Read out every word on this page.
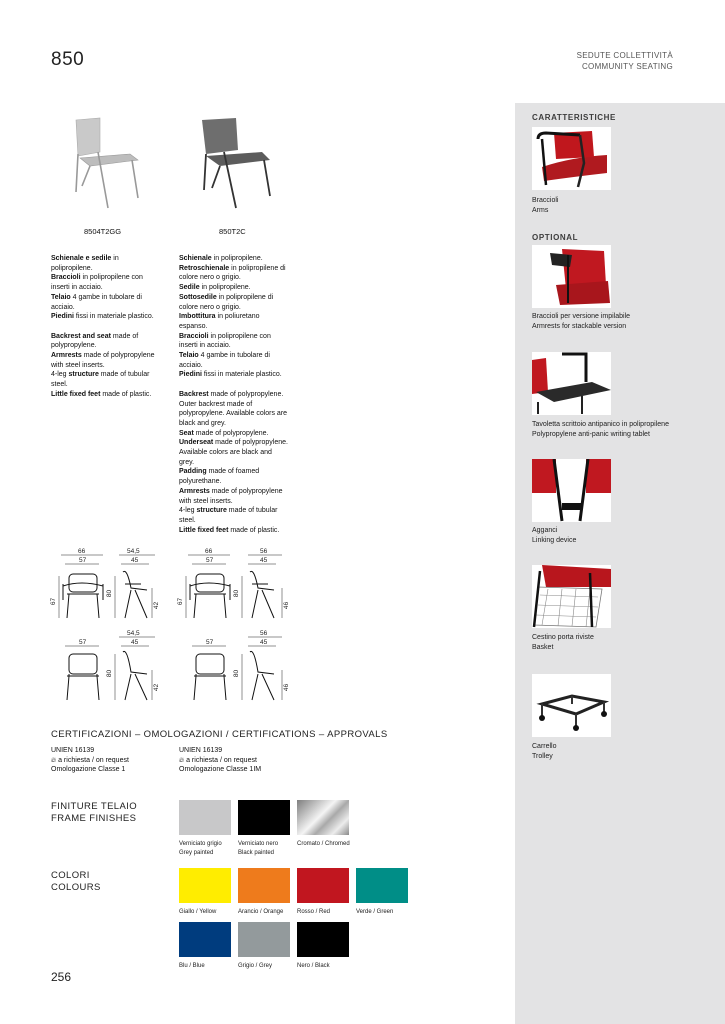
850	SEDUTE COLLETTIVITÀ
COMMUNITY SEATING
CARATTERISTICHE
Braccioli
Arms
OPTIONAL
Braccioli per versione impilabile
Armrests for stackable version
Tavoletta scrittoio antipanico in polipropilene
Polypropylene anti-panic writing tablet
Agganci
Linking device
Cestino porta riviste
Basket
Carrello
Trolley
8504T2GG	850T2C
Schienale e sedile in
polipropilene.
Braccioli in polipropilene con
inserti in acciaio.
Telaio 4 gambe in tubolare di
acciaio.
Piedini fissi in materiale plastico.

Backrest and seat made of
polypropylene.
Armrests made of polypropylene
with steel inserts.
4-leg structure made of tubular
steel.
Little fixed feet made of plastic.
Schienale in polipropilene.
Retroschienale in polipropilene di
colore nero o grigio.
Sedile in polipropilene.
Sottosedile in polipropilene di
colore nero o grigio.
Imbottitura in poliuretano
espanso.
Braccioli in polipropilene con
inserti in acciaio.
Telaio 4 gambe in tubolare di
acciaio.
Piedini fissi in materiale plastico.

Backrest made of polypropylene.
Outer backrest made of
polypropylene. Available colors are
black and grey.
Seat made of polypropylene.
Underseat made of polypropylene.
Available colors are black and
grey.
Padding made of foamed
polyurethane.
Armrests made of polypropylene
with steel inserts.
4-leg structure made of tubular
steel.
Little fixed feet made of plastic.
66
57
54,5
45
67
80
42
66
57
56
45
67
80
46
57
54,5
45
80
42
57
56
45
80
46
CERTIFICAZIONI – OMOLOGAZIONI / CERTIFICATIONS – APPROVALS
UNIEN 16139
🔥︎ a richiesta / on request
Omologazione Classe 1
UNIEN 16139
🔥︎ a richiesta / on request
Omologazione Classe 1IM
FINITURE TELAIO
FRAME FINISHES
Verniciato grigio
Grey painted
Verniciato nero
Black painted
Cromato / Chromed
COLORI
COLOURS
Giallo / Yellow	Arancio / Orange Rosso / Red	Verde / Green
Blu / Blue	Grigio / Grey	Nero / Black
256
